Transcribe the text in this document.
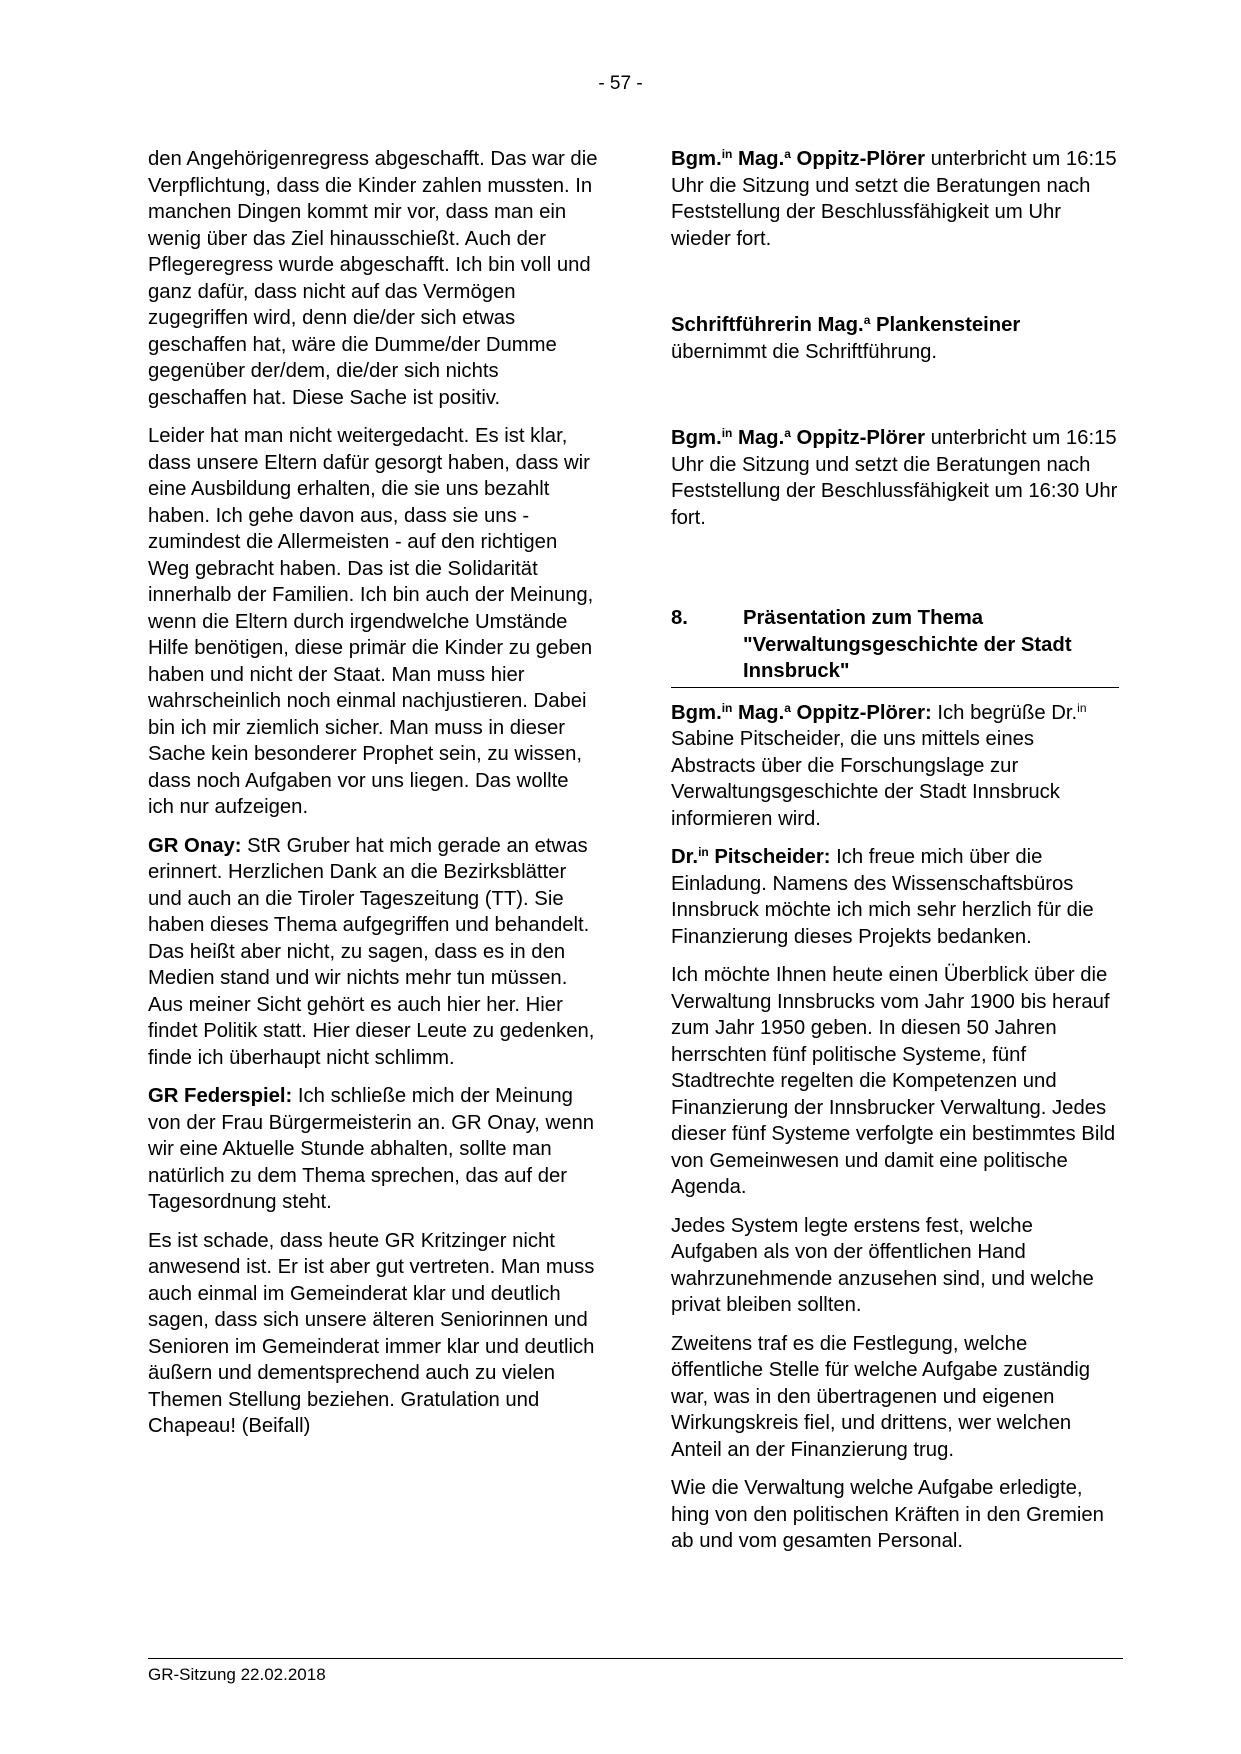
- 57 -

den Angehörigenregress abgeschafft. Das war die Verpflichtung, dass die Kinder zahlen mussten. In manchen Dingen kommt mir vor, dass man ein wenig über das Ziel hinausschießt. Auch der Pflegeregress wurde abgeschafft. Ich bin voll und ganz dafür, dass nicht auf das Vermögen zugegriffen wird, denn die/der sich etwas geschaffen hat, wäre die Dumme/der Dumme gegenüber der/dem, die/der sich nichts geschaffen hat. Diese Sache ist positiv.

Leider hat man nicht weitergedacht. Es ist klar, dass unsere Eltern dafür gesorgt haben, dass wir eine Ausbildung erhalten, die sie uns bezahlt haben. Ich gehe davon aus, dass sie uns - zumindest die Allermeisten - auf den richtigen Weg gebracht haben. Das ist die Solidarität innerhalb der Familien. Ich bin auch der Meinung, wenn die Eltern durch irgendwelche Umstände Hilfe benötigen, diese primär die Kinder zu geben haben und nicht der Staat. Man muss hier wahrscheinlich noch einmal nachjustieren. Dabei bin ich mir ziemlich sicher. Man muss in dieser Sache kein besonderer Prophet sein, zu wissen, dass noch Aufgaben vor uns liegen. Das wollte ich nur aufzeigen.

GR Onay: StR Gruber hat mich gerade an etwas erinnert. Herzlichen Dank an die Bezirksblätter und auch an die Tiroler Tageszeitung (TT). Sie haben dieses Thema aufgegriffen und behandelt. Das heißt aber nicht, zu sagen, dass es in den Medien stand und wir nichts mehr tun müssen. Aus meiner Sicht gehört es auch hier her. Hier findet Politik statt. Hier dieser Leute zu gedenken, finde ich überhaupt nicht schlimm.

GR Federspiel: Ich schließe mich der Meinung von der Frau Bürgermeisterin an. GR Onay, wenn wir eine Aktuelle Stunde abhalten, sollte man natürlich zu dem Thema sprechen, das auf der Tagesordnung steht.

Es ist schade, dass heute GR Kritzinger nicht anwesend ist. Er ist aber gut vertreten. Man muss auch einmal im Gemeinderat klar und deutlich sagen, dass sich unsere älteren Seniorinnen und Senioren im Gemeinderat immer klar und deutlich äußern und dementsprechend auch zu vielen Themen Stellung beziehen. Gratulation und Chapeau! (Beifall)

Bgm.$^{in}$ Mag.$^a$ Oppitz-Plörer unterbricht um 16:15 Uhr die Sitzung und setzt die Beratungen nach Feststellung der Beschlussfähigkeit um Uhr wieder fort.

Schriftführerin Mag.$^a$ Plankensteiner
übernimmt die Schriftführung.

Bgm.$^{in}$ Mag.$^a$ Oppitz-Plörer unterbricht um 16:15 Uhr die Sitzung und setzt die Beratungen nach Feststellung der Beschlussfähigkeit um 16:30 Uhr fort.

8.	Präsentation zum Thema "Verwaltungsgeschichte der Stadt Innsbruck"

Bgm.$^{in}$ Mag.$^a$ Oppitz-Plörer: Ich begrüße Dr.$^{in}$ Sabine Pitscheider, die uns mittels eines Abstracts über die Forschungslage zur Verwaltungsgeschichte der Stadt Innsbruck informieren wird.

Dr.$^{in}$ Pitscheider: Ich freue mich über die Einladung. Namens des Wissenschaftsbüros Innsbruck möchte ich mich sehr herzlich für die Finanzierung dieses Projekts bedanken.

Ich möchte Ihnen heute einen Überblick über die Verwaltung Innsbrucks vom Jahr 1900 bis herauf zum Jahr 1950 geben. In diesen 50 Jahren herrschten fünf politische Systeme, fünf Stadtrechte regelten die Kompetenzen und Finanzierung der Innsbrucker Verwaltung. Jedes dieser fünf Systeme verfolgte ein bestimmtes Bild von Gemeinwesen und damit eine politische Agenda.

Jedes System legte erstens fest, welche Aufgaben als von der öffentlichen Hand wahrzunehmende anzusehen sind, und welche privat bleiben sollten.

Zweitens traf es die Festlegung, welche öffentliche Stelle für welche Aufgabe zuständig war, was in den übertragenen und eigenen Wirkungskreis fiel, und drittens, wer welchen Anteil an der Finanzierung trug.

Wie die Verwaltung welche Aufgabe erledigte, hing von den politischen Kräften in den Gremien ab und vom gesamten Personal.

GR-Sitzung 22.02.2018
